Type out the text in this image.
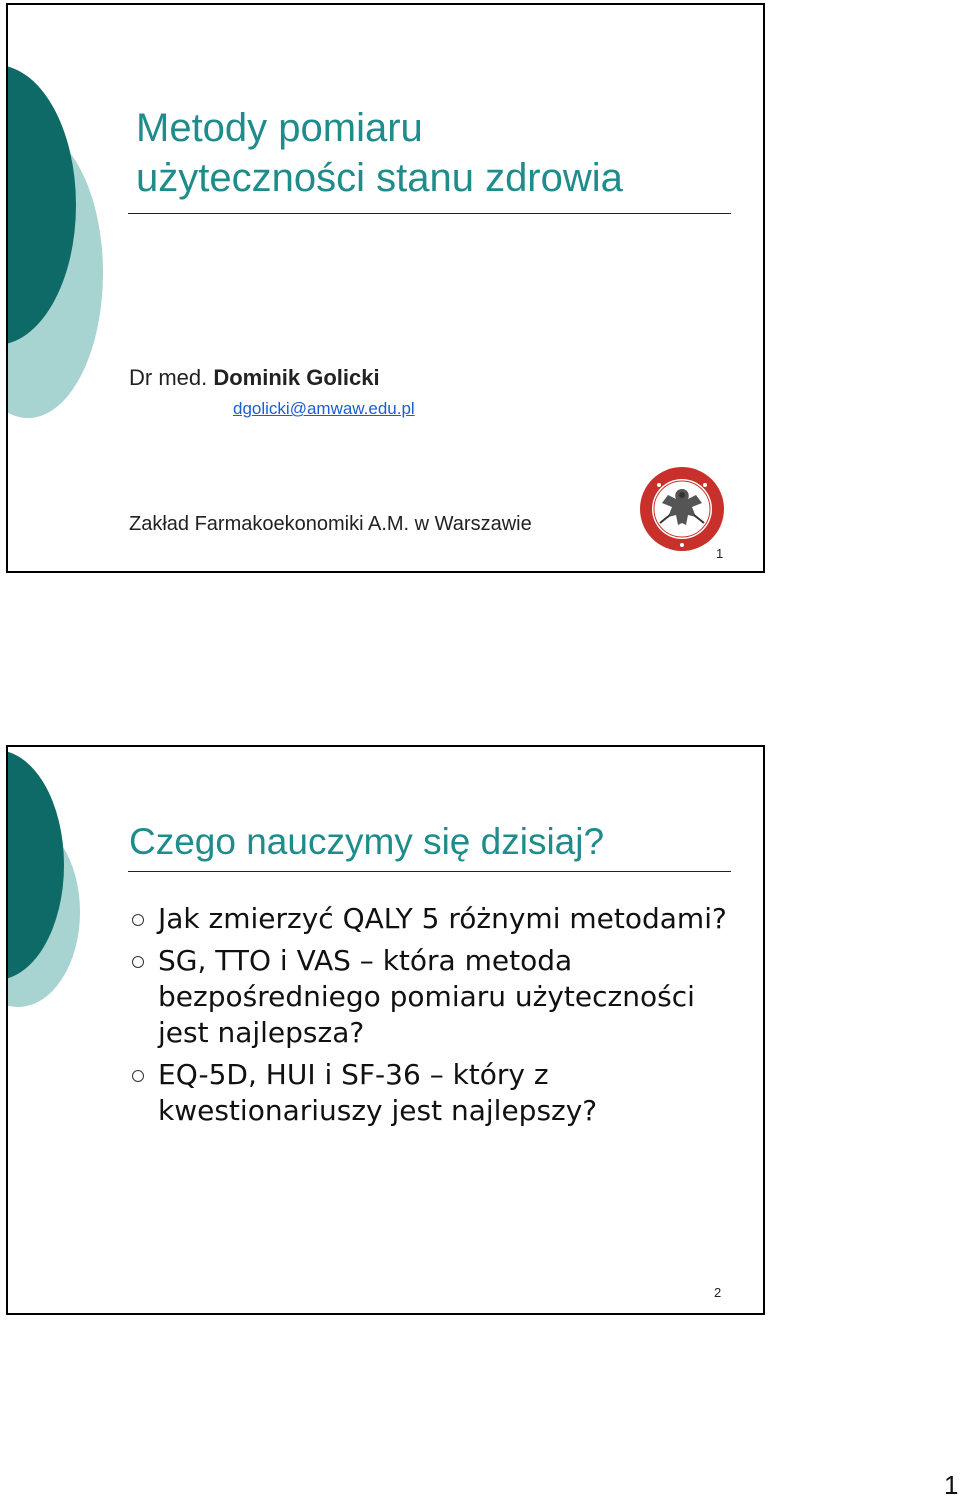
Metody pomiaru
użyteczności stanu zdrowia
Dr med. Dominik Golicki
dgolicki@amwaw.edu.pl
Zakład Farmakoekonomiki A.M. w Warszawie
1
Czego nauczymy się dzisiaj?
Jak zmierzyć QALY 5 różnymi metodami?
SG, TTO i VAS – która metoda bezpośredniego pomiaru użyteczności jest najlepsza?
EQ-5D, HUI i SF-36 – który z kwestionariuszy jest najlepszy?
2
1
